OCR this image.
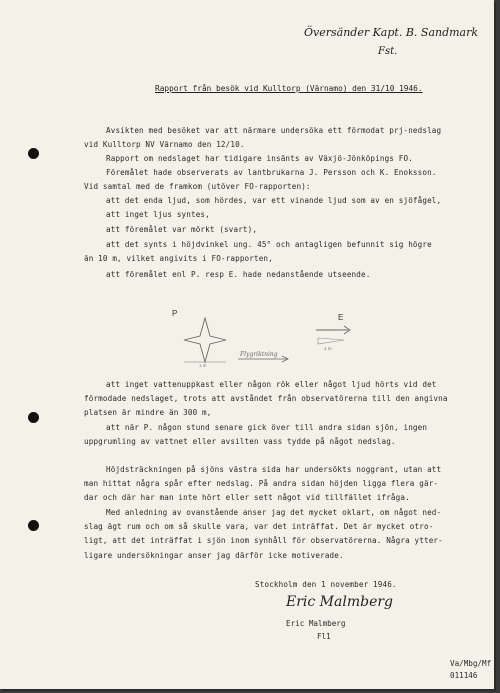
Översänder Kapt. B. Sandmark
Fst.
Rapport från besök vid Kulltorp (Värnamo) den 31/10 1946.
Avsikten med besöket var att närmare undersöka ett förmodat prj-nedslag
vid Kulltorp NV Värnamo den 12/10.
Rapport om nedslaget har tidigare insänts av Växjö-Jönköpings FO.
Föremålet hade observerats av lantbrukarna J. Persson och K. Enoksson.
Vid samtal med de framkom (utöver FO-rapporten):
att det enda ljud, som hördes, var ett vinande ljud som av en sjöfågel,
att inget ljus syntes,
att föremålet var mörkt (svart),
att det synts i höjdvinkel ung. 45° och antagligen befunnit sig högre
än 10 m, vilket angivits i FO-rapporten,
att föremålet enl P. resp E. hade nedanstående utseende.
P
1 m
Flygriktning
E
1 m
att inget vattenuppkast eller någon rök eller något ljud hörts vid det
förmodade nedslaget, trots att avståndet från observatörerna till den angivna
platsen är mindre än 300 m,
att när P. någon stund senare gick över till andra sidan sjön, ingen
uppgrumling av vattnet eller avsilten vass tydde på något nedslag.
Höjdsträckningen på sjöns västra sida har undersökts noggrant, utan att
man hittat några spår efter nedslag. På andra sidan höjden ligga flera gär-
dar och där har man inte hört eller sett något vid tillfället ifråga.
Med anledning av ovanstående anser jag det mycket oklart, om något ned-
slag ägt rum och om så skulle vara, var det inträffat. Det är mycket otro-
ligt, att det inträffat i sjön inom synhåll för observatörerna. Några ytter-
ligare undersökningar anser jag därför icke motiverade.
Stockholm den 1 november 1946.
Eric Malmberg
Eric Malmberg
Fl1
Va/Mbg/Mf
011146
